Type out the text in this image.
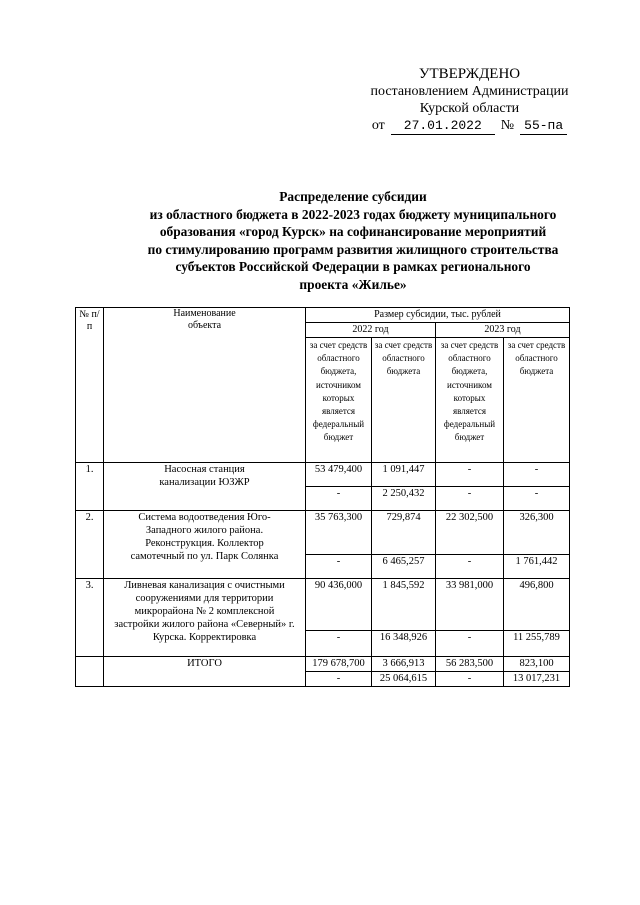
УТВЕРЖДЕНО
постановлением Администрации
Курской области
от	27.01.2022	№ 55-па
Распределение субсидии
из областного бюджета в 2022-2023 годах бюджету муниципального
образования «город Курск» на софинансирование мероприятий
по стимулированию программ развития жилищного строительства
субъектов Российской Федерации в рамках регионального
проекта «Жилье»
№ п/п	Наименование объекта	Размер субсидии, тыс. рублей			
		2022 год		2023 год	
		за счет средств областного бюджета, источником которых является федеральный бюджет	за счет средств областного бюджета	за счет средств областного бюджета, источником которых является федеральный бюджет	за счет средств областного бюджета
1.	Насосная станция канализации ЮЗЖР	53 479,400	1 091,447	-	-
		-	2 250,432	-	-
2.	Система водоотведения Юго-Западного жилого района. Реконструкция. Коллектор самотечный по ул. Парк Солянка	35 763,300	729,874	22 302,500	326,300
		-	6 465,257	-	1 761,442
3.	Ливневая канализация с очистными сооружениями для территории микрорайона № 2 комплексной застройки жилого района «Северный» г. Курска. Корректировка	90 436,000	1 845,592	33 981,000	496,800
		-	16 348,926	-	11 255,789
	ИТОГО	179 678,700	3 666,913	56 283,500	823,100
		-	25 064,615	-	13 017,231
